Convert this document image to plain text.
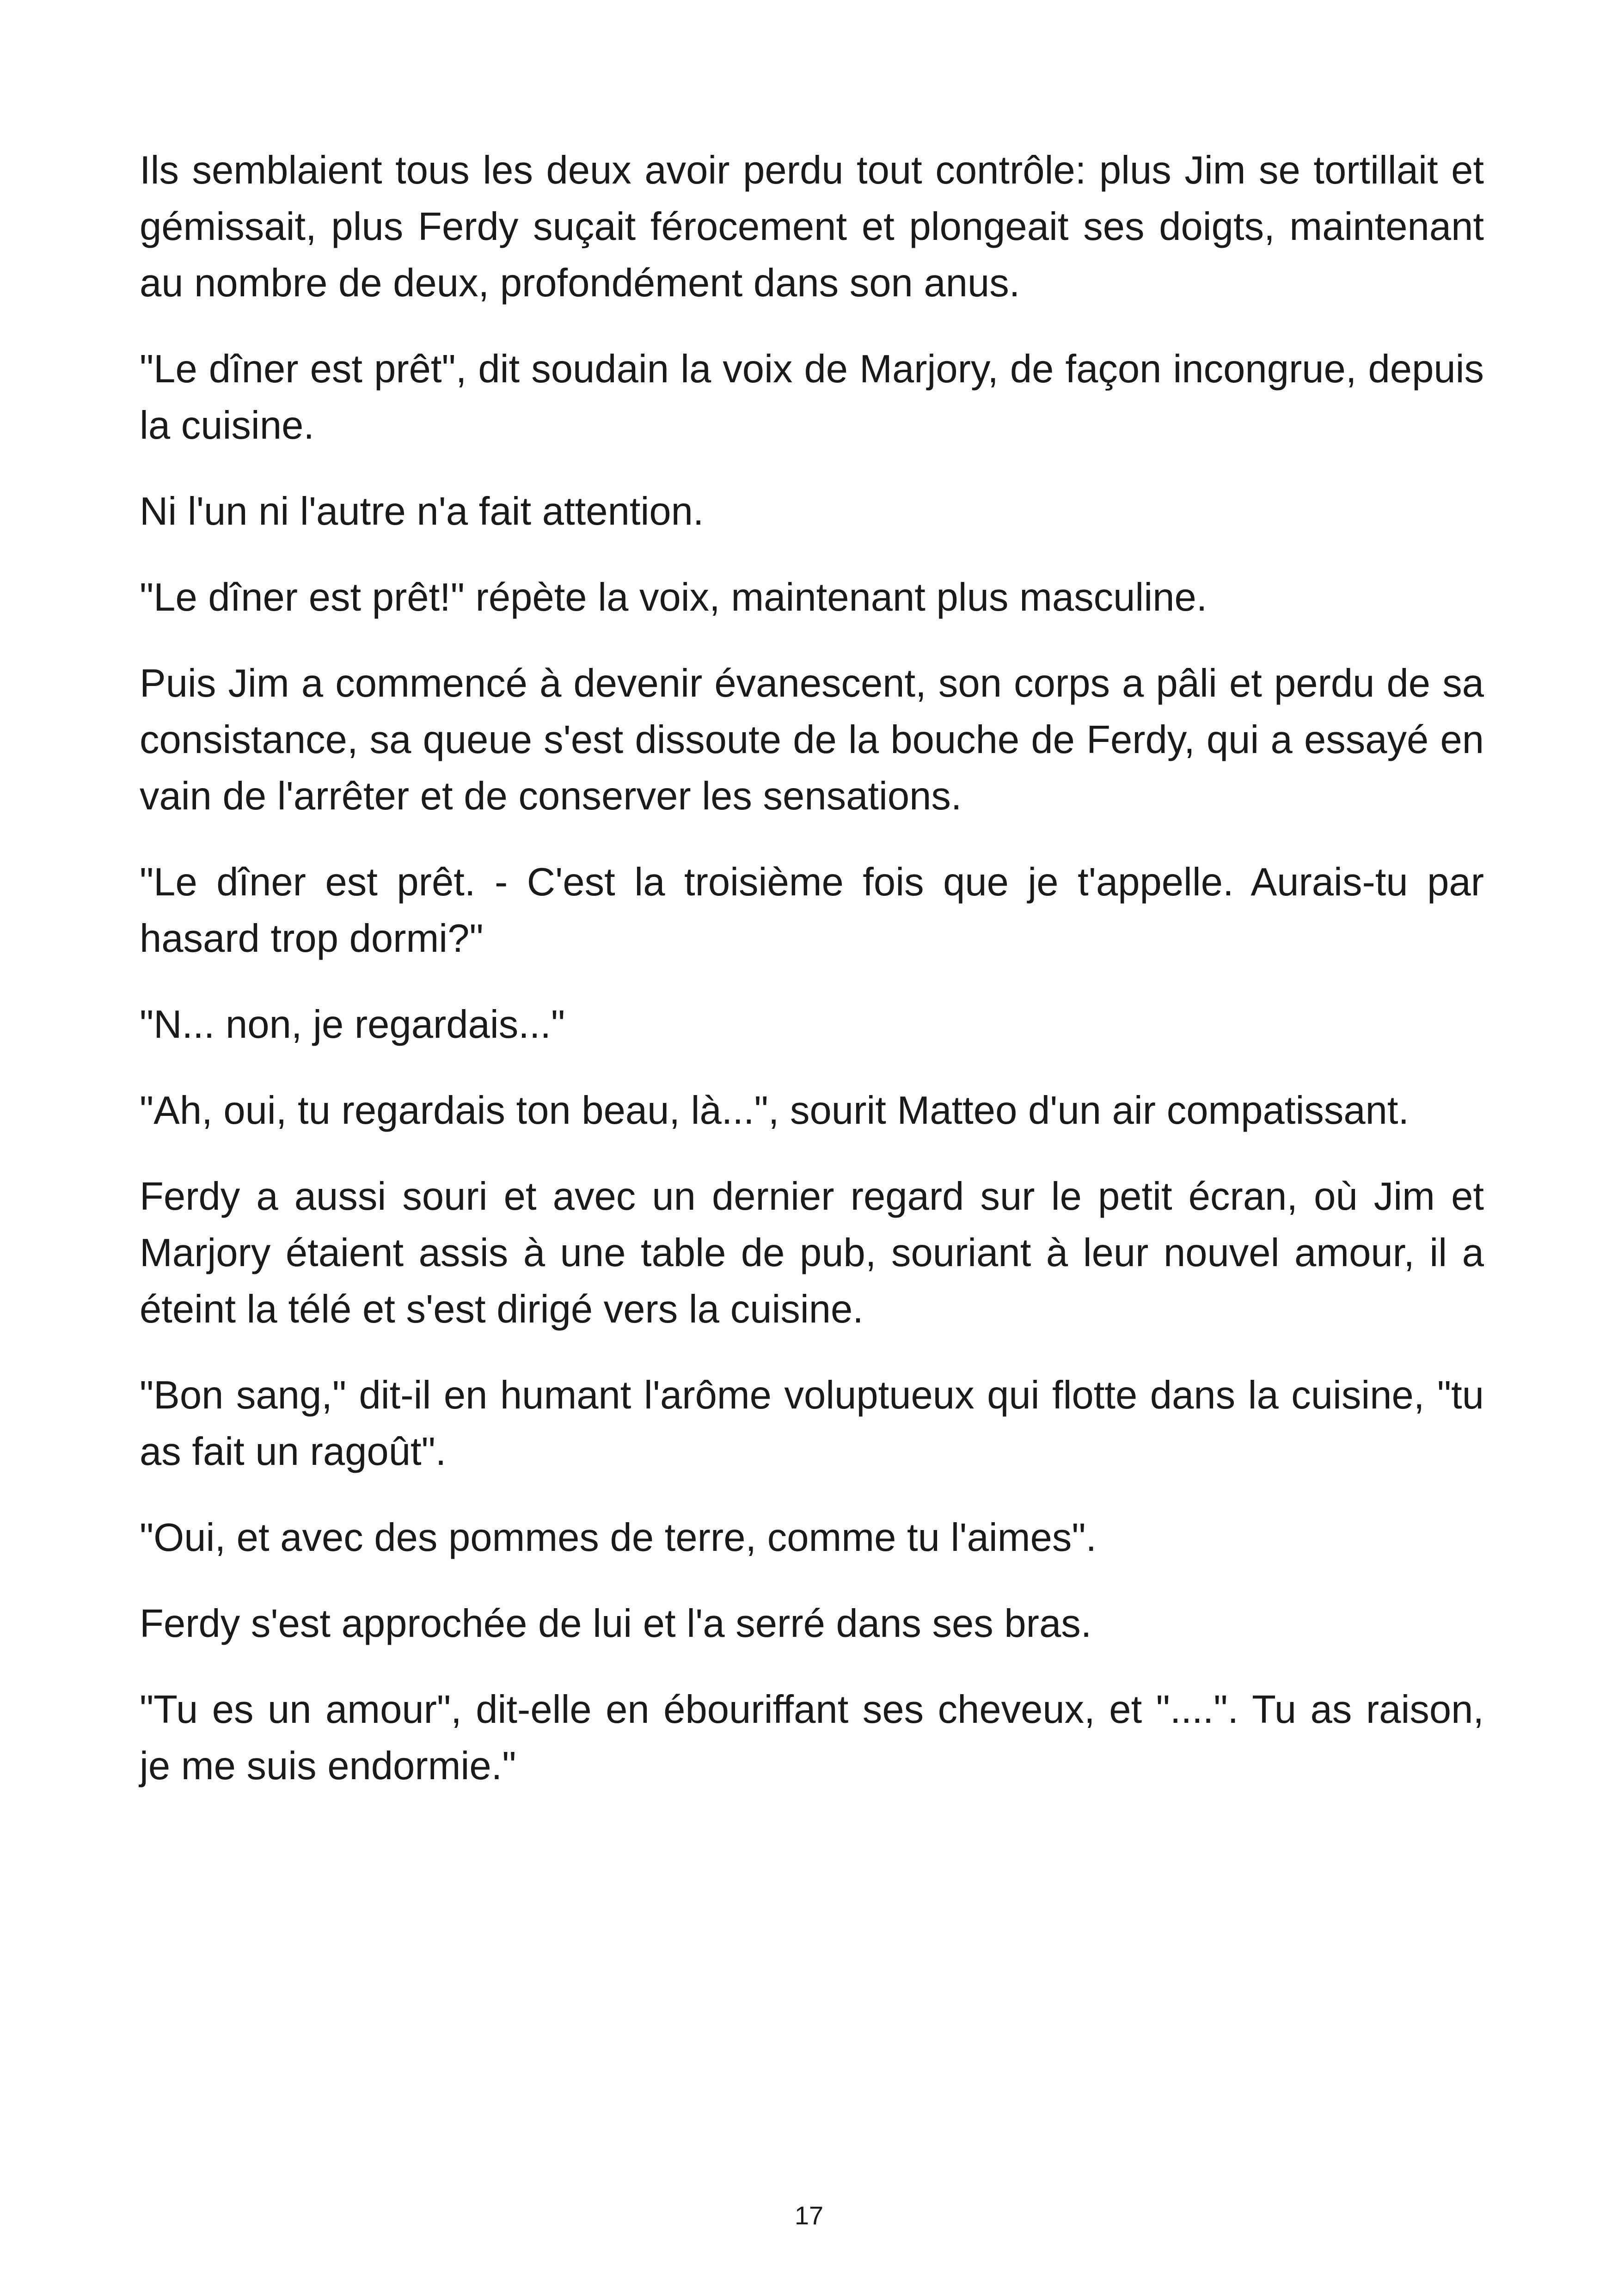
Ils semblaient tous les deux avoir perdu tout contrôle: plus Jim se tortillait et gémissait, plus Ferdy suçait férocement et plongeait ses doigts, maintenant au nombre de deux, profondément dans son anus.

"Le dîner est prêt", dit soudain la voix de Marjory, de façon incongrue, depuis la cuisine.

Ni l'un ni l'autre n'a fait attention.

"Le dîner est prêt!" répète la voix, maintenant plus masculine.

Puis Jim a commencé à devenir évanescent, son corps a pâli et perdu de sa consistance, sa queue s'est dissoute de la bouche de Ferdy, qui a essayé en vain de l'arrêter et de conserver les sensations.

"Le dîner est prêt. - C'est la troisième fois que je t'appelle. Aurais-tu par hasard trop dormi?"

"N... non, je regardais..."

"Ah, oui, tu regardais ton beau, là...", sourit Matteo d'un air compatissant.

Ferdy a aussi souri et avec un dernier regard sur le petit écran, où Jim et Marjory étaient assis à une table de pub, souriant à leur nouvel amour, il a éteint la télé et s'est dirigé vers la cuisine.

"Bon sang," dit-il en humant l'arôme voluptueux qui flotte dans la cuisine, "tu as fait un ragoût".

"Oui, et avec des pommes de terre, comme tu l'aimes".

Ferdy s'est approchée de lui et l'a serré dans ses bras.

"Tu es un amour", dit-elle en ébouriffant ses cheveux, et "....". Tu as raison, je me suis endormie."

17
